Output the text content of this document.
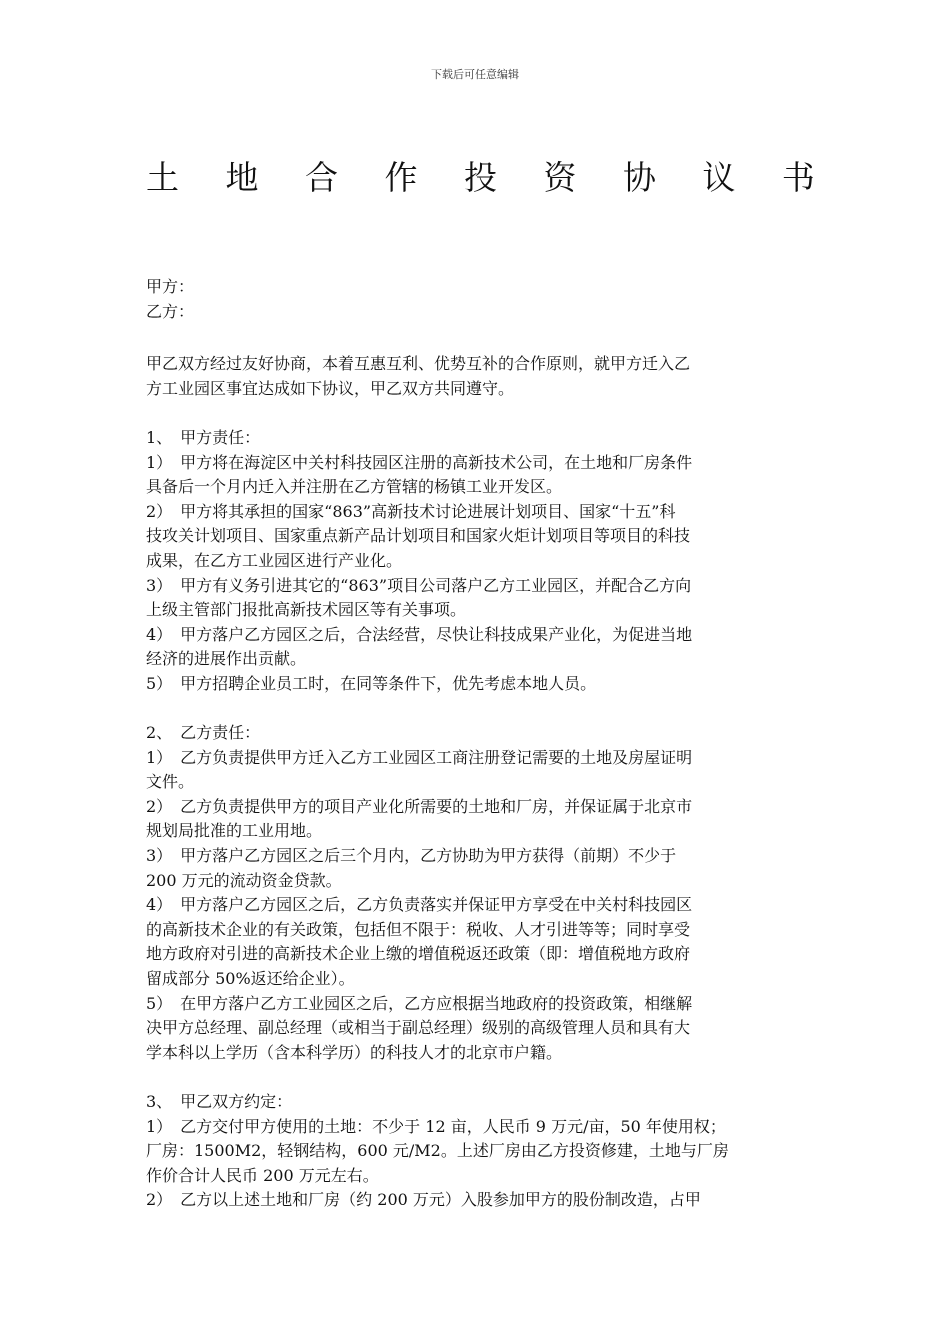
下载后可任意编辑
土 地 合 作 投 资 协 议 书
甲方：
乙方：
甲乙双方经过友好协商，本着互惠互利、优势互补的合作原则，就甲方迁入乙
方工业园区事宜达成如下协议，甲乙双方共同遵守。
1、　甲方责任：
1）　甲方将在海淀区中关村科技园区注册的高新技术公司，在土地和厂房条件
具备后一个月内迁入并注册在乙方管辖的杨镇工业开发区。
2）　甲方将其承担的国家“863”高新技术讨论进展计划项目、国家“十五”科
技攻关计划项目、国家重点新产品计划项目和国家火炬计划项目等项目的科技
成果，在乙方工业园区进行产业化。
3）　甲方有义务引进其它的“863”项目公司落户乙方工业园区，并配合乙方向
上级主管部门报批高新技术园区等有关事项。
4）　甲方落户乙方园区之后，合法经营，尽快让科技成果产业化，为促进当地
经济的进展作出贡献。
5）　甲方招聘企业员工时，在同等条件下，优先考虑本地人员。
2、　乙方责任：
1）　乙方负责提供甲方迁入乙方工业园区工商注册登记需要的土地及房屋证明
文件。
2）　乙方负责提供甲方的项目产业化所需要的土地和厂房，并保证属于北京市
规划局批准的工业用地。
3）　甲方落户乙方园区之后三个月内，乙方协助为甲方获得（前期）不少于
200 万元的流动资金贷款。
4）　甲方落户乙方园区之后，乙方负责落实并保证甲方享受在中关村科技园区
的高新技术企业的有关政策，包括但不限于：税收、人才引进等等；同时享受
地方政府对引进的高新技术企业上缴的增值税返还政策（即：增值税地方政府
留成部分 50%返还给企业）。
5）　在甲方落户乙方工业园区之后，乙方应根据当地政府的投资政策，相继解
决甲方总经理、副总经理（或相当于副总经理）级别的高级管理人员和具有大
学本科以上学历（含本科学历）的科技人才的北京市户籍。
3、　甲乙双方约定：
1）　乙方交付甲方使用的土地：不少于 12 亩，人民币 9 万元/亩，50 年使用权；
厂房：1500M2，轻钢结构，600 元/M2。上述厂房由乙方投资修建，土地与厂房
作价合计人民币 200 万元左右。
2）　乙方以上述土地和厂房（约 200 万元）入股参加甲方的股份制改造，占甲
